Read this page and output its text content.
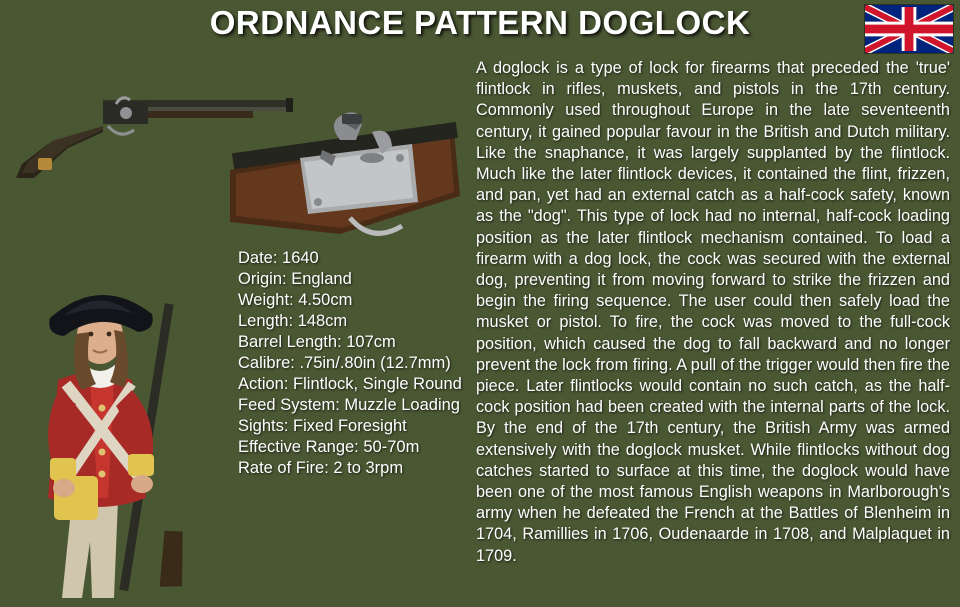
ORDNANCE PATTERN DOGLOCK
Date: 1640
Origin: England
Weight: 4.50cm
Length: 148cm
Barrel Length: 107cm
Calibre: .75in/.80in (12.7mm)
Action: Flintlock, Single Round
Feed System: Muzzle Loading
Sights: Fixed Foresight
Effective Range: 50-70m
Rate of Fire: 2 to 3rpm

A doglock is a type of lock for firearms that preceded the 'true' flintlock in rifles, muskets, and pistols in the 17th century. Commonly used throughout Europe in the late seventeenth century, it gained popular favour in the British and Dutch military. Like the snaphance, it was largely supplanted by the flintlock. Much like the later flintlock devices, it contained the flint, frizzen, and pan, yet had an external catch as a half-cock safety, known as the "dog". This type of lock had no internal, half-cock loading position as the later flintlock mechanism contained. To load a firearm with a dog lock, the cock was secured with the external dog, preventing it from moving forward to strike the frizzen and begin the firing sequence. The user could then safely load the musket or pistol. To fire, the cock was moved to the full-cock position, which caused the dog to fall backward and no longer prevent the lock from firing. A pull of the trigger would then fire the piece. Later flintlocks would contain no such catch, as the half-cock position had been created with the internal parts of the lock. By the end of the 17th century, the British Army was armed extensively with the doglock musket. While flintlocks without dog catches started to surface at this time, the doglock would have been one of the most famous English weapons in Marlborough's army when he defeated the French at the Battles of Blenheim in 1704, Ramillies in 1706, Oudenaarde in 1708, and Malplaquet in 1709.
